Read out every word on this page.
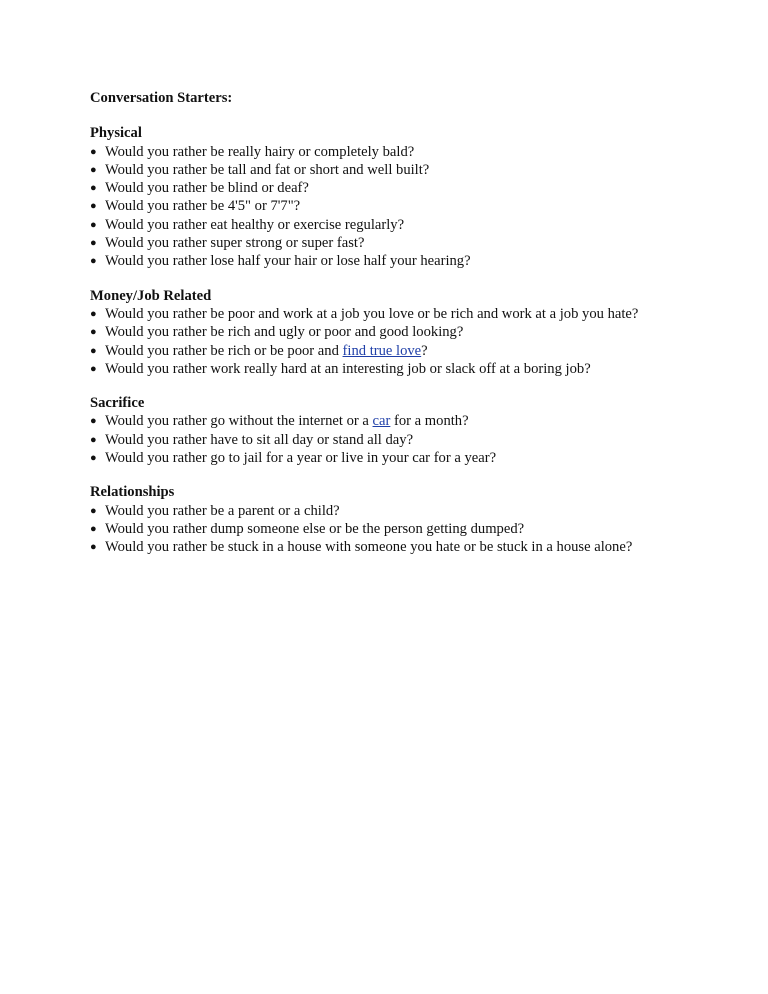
Conversation Starters:
Physical
● Would you rather be really hairy or completely bald?
● Would you rather be tall and fat or short and well built?
● Would you rather be blind or deaf?
● Would you rather be 4'5" or 7'7"?
● Would you rather eat healthy or exercise regularly?
● Would you rather super strong or super fast?
● Would you rather lose half your hair or lose half your hearing?
Money/Job Related
● Would you rather be poor and work at a job you love or be rich and work at a job you hate?
● Would you rather be rich and ugly or poor and good looking?
● Would you rather be rich or be poor and find true love?
● Would you rather work really hard at an interesting job or slack off at a boring job?
Sacrifice
● Would you rather go without the internet or a car for a month?
● Would you rather have to sit all day or stand all day?
● Would you rather go to jail for a year or live in your car for a year?
Relationships
● Would you rather be a parent or a child?
● Would you rather dump someone else or be the person getting dumped?
● Would you rather be stuck in a house with someone you hate or be stuck in a house alone?
